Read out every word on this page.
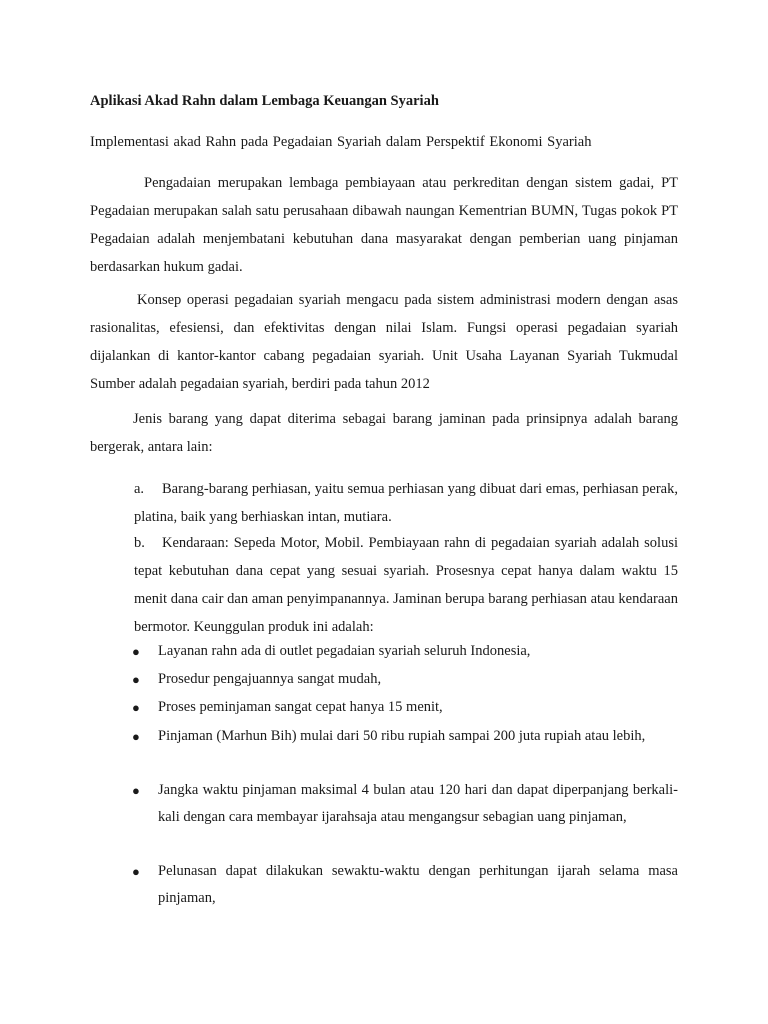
Aplikasi Akad Rahn dalam Lembaga Keuangan Syariah
Implementasi akad Rahn pada Pegadaian Syariah dalam Perspektif Ekonomi Syariah

Pengadaian merupakan lembaga pembiayaan atau perkreditan dengan sistem gadai, PT Pegadaian merupakan salah satu perusahaan dibawah naungan Kementrian BUMN, Tugas pokok PT Pegadaian adalah menjembatani kebutuhan dana masyarakat dengan pemberian uang pinjaman berdasarkan hukum gadai.

Konsep operasi pegadaian syariah mengacu pada sistem administrasi modern dengan asas rasionalitas, efesiensi, dan efektivitas dengan nilai Islam. Fungsi operasi pegadaian syariah dijalankan di kantor-kantor cabang pegadaian syariah. Unit Usaha Layanan Syariah Tukmudal Sumber adalah pegadaian syariah, berdiri pada tahun 2012

Jenis barang yang dapat diterima sebagai barang jaminan pada prinsipnya adalah barang bergerak, antara lain:

a. Barang-barang perhiasan, yaitu semua perhiasan yang dibuat dari emas, perhiasan perak, platina, baik yang berhiaskan intan, mutiara.

b. Kendaraan: Sepeda Motor, Mobil. Pembiayaan rahn di pegadaian syariah adalah solusi tepat kebutuhan dana cepat yang sesuai syariah. Prosesnya cepat hanya dalam waktu 15 menit dana cair dan aman penyimpanannya. Jaminan berupa barang perhiasan atau kendaraan bermotor. Keunggulan produk ini adalah:

● Layanan rahn ada di outlet pegadaian syariah seluruh Indonesia,

● Prosedur pengajuannya sangat mudah,

● Proses peminjaman sangat cepat hanya 15 menit,

● Pinjaman (Marhun Bih) mulai dari 50 ribu rupiah sampai 200 juta rupiah atau lebih,

● Jangka waktu pinjaman maksimal 4 bulan atau 120 hari dan dapat diperpanjang berkali-kali dengan cara membayar ijarahsaja atau mengangsur sebagian uang pinjaman,

● Pelunasan dapat dilakukan sewaktu-waktu dengan perhitungan ijarah selama masa pinjaman,
